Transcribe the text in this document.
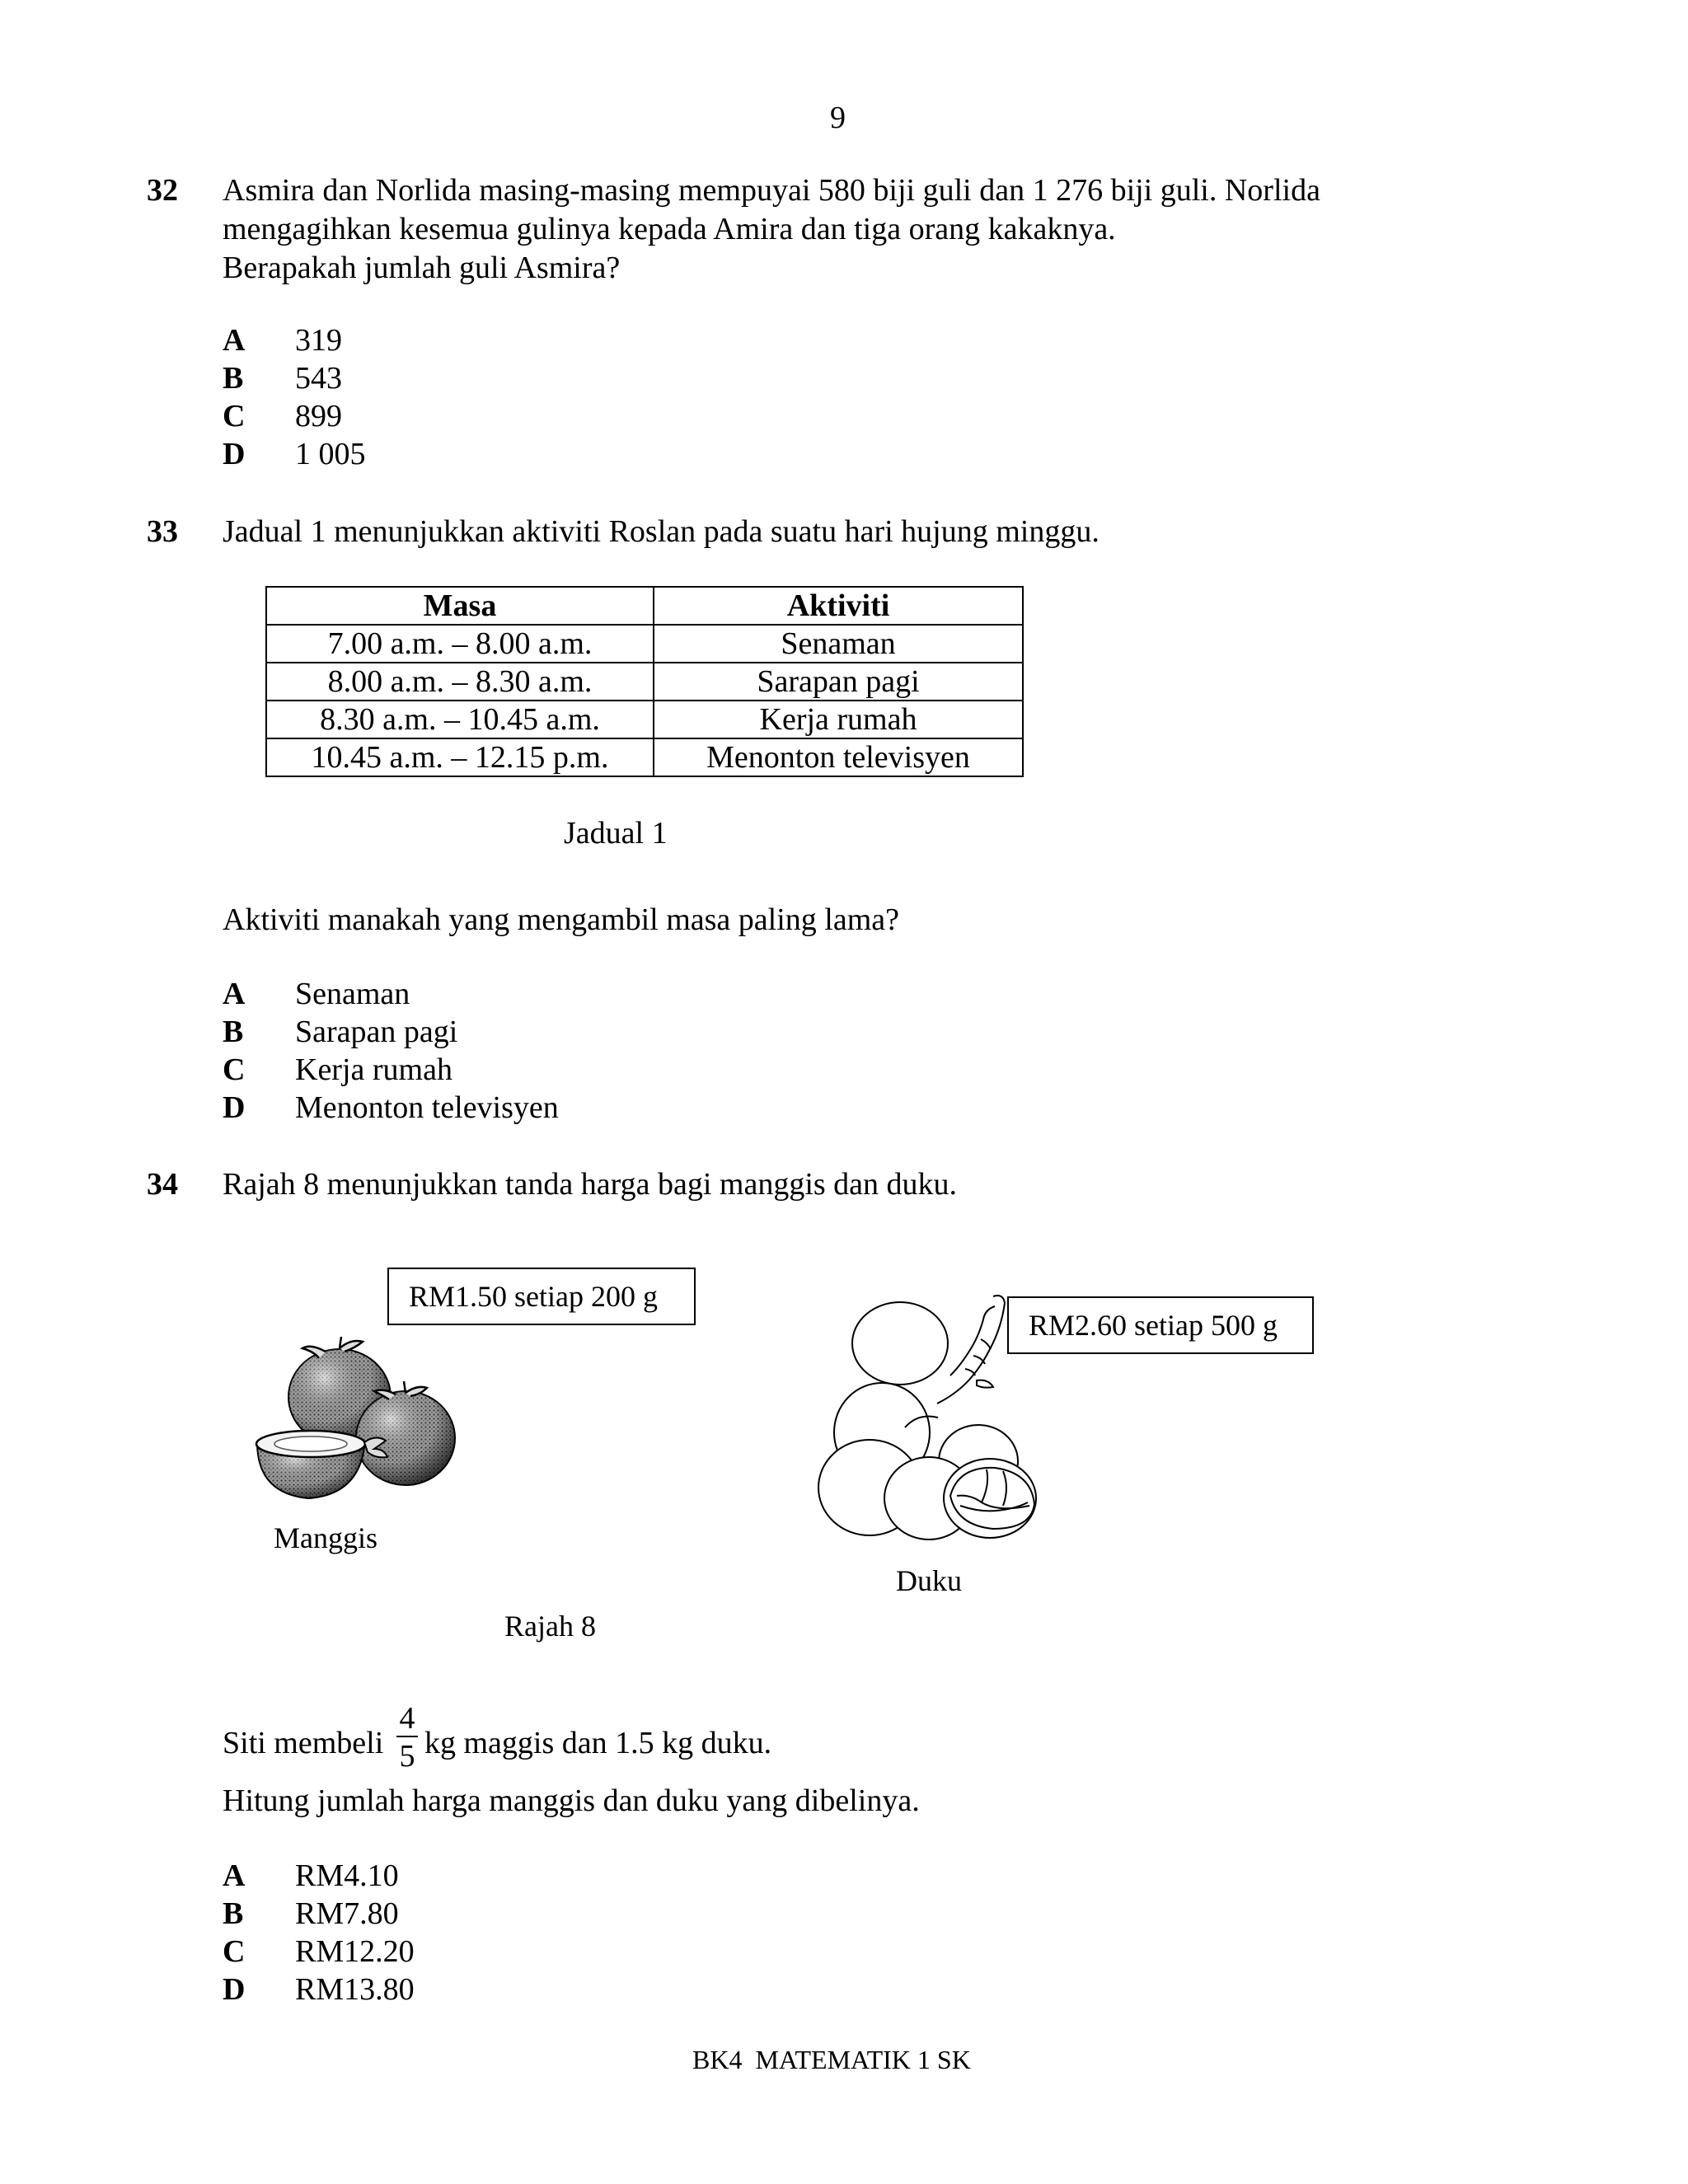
9
32 Asmira dan Norlida masing-masing mempuyai 580 biji guli dan 1 276 biji guli. Norlida
mengagihkan kesemua gulinya kepada Amira dan tiga orang kakaknya.
Berapakah jumlah guli Asmira?
A 319
B 543
C 899
D 1 005
33 Jadual 1 menunjukkan aktiviti Roslan pada suatu hari hujung minggu.
Masa	Aktiviti
7.00 a.m. – 8.00 a.m.	Senaman
8.00 a.m. – 8.30 a.m.	Sarapan pagi
8.30 a.m. – 10.45 a.m.	Kerja rumah
10.45 a.m. – 12.15 p.m.	Menonton televisyen
Jadual 1
Aktiviti manakah yang mengambil masa paling lama?
A Senaman
B Sarapan pagi
C Kerja rumah
D Menonton televisyen
34 Rajah 8 menunjukkan tanda harga bagi manggis dan duku.
RM1.50 setiap 200 g
RM2.60 setiap 500 g
Manggis
Duku
Rajah 8
Siti membeli
4
5 kg maggis dan 1.5 kg duku.
Hitung jumlah harga manggis dan duku yang dibelinya.
A RM4.10
B RM7.80
C RM12.20
D RM13.80
BK4  MATEMATIK 1 SK
